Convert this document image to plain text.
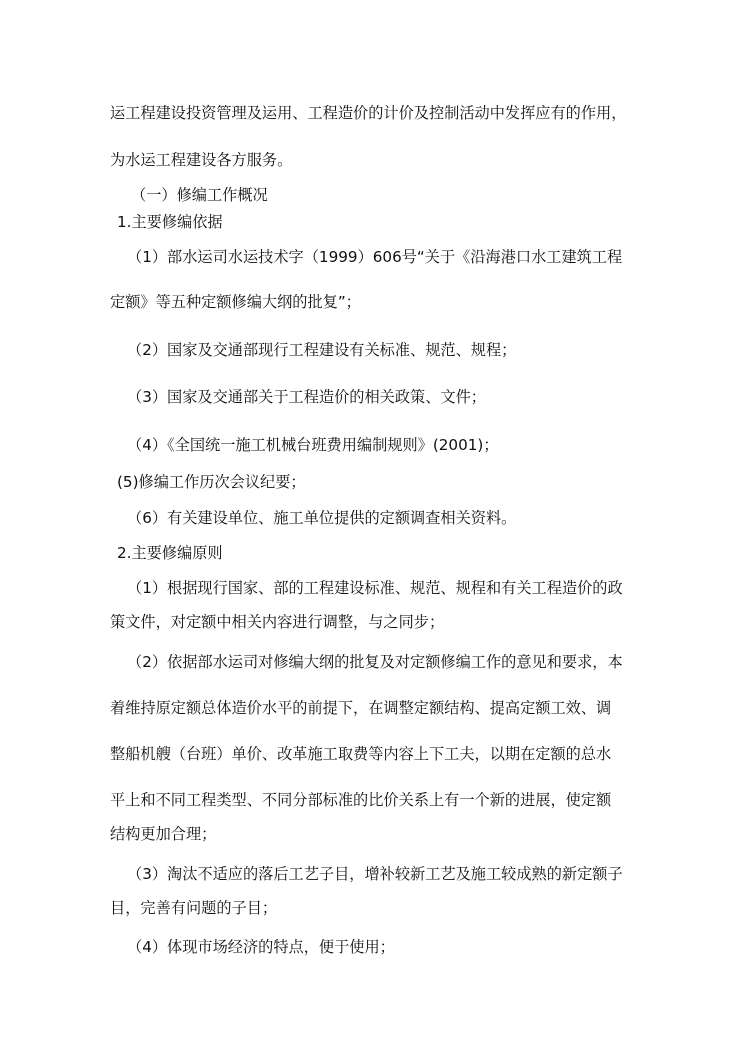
运工程建设投资管理及运用、工程造价的计价及控制活动中发挥应有的作用，
为水运工程建设各方服务。
（一）修编工作概况
1.主要修编依据
（1）部水运司水运技术字（1999）606号“关于《沿海港口水工建筑工程
定额》等五种定额修编大纲的批复”；
（2）国家及交通部现行工程建设有关标准、规范、规程；
（3）国家及交通部关于工程造价的相关政策、文件；
（4）《全国统一施工机械台班费用编制规则》(2001)；
(5)修编工作历次会议纪要；
（6）有关建设单位、施工单位提供的定额调查相关资料。
2.主要修编原则
（1）根据现行国家、部的工程建设标准、规范、规程和有关工程造价的政
策文件，对定额中相关内容进行调整，与之同步；
（2）依据部水运司对修编大纲的批复及对定额修编工作的意见和要求，本
着维持原定额总体造价水平的前提下，在调整定额结构、提高定额工效、调
整船机艘（台班）单价、改革施工取费等内容上下工夫，以期在定额的总水
平上和不同工程类型、不同分部标准的比价关系上有一个新的进展，使定额
结构更加合理；
（3）淘汰不适应的落后工艺子目，增补较新工艺及施工较成熟的新定额子
目，完善有问题的子目；
（4）体现市场经济的特点，便于使用；
